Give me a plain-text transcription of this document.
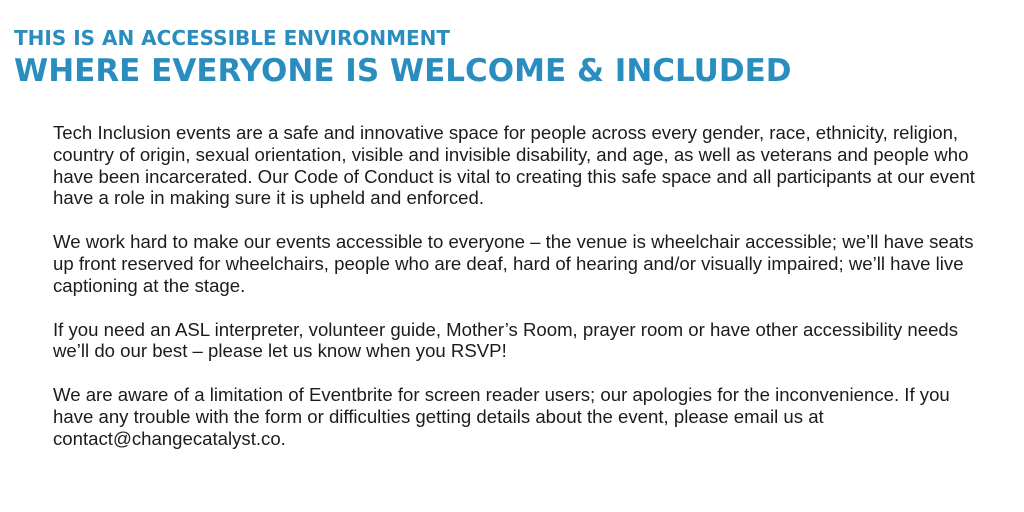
THIS IS AN ACCESSIBLE ENVIRONMENT
WHERE EVERYONE IS WELCOME & INCLUDED

Tech Inclusion events are a safe and innovative space for people across every gender, race, ethnicity, religion, country of origin, sexual orientation, visible and invisible disability, and age, as well as veterans and people who have been incarcerated. Our Code of Conduct is vital to creating this safe space and all participants at our event have a role in making sure it is upheld and enforced.

We work hard to make our events accessible to everyone – the venue is wheelchair accessible; we’ll have seats up front reserved for wheelchairs, people who are deaf, hard of hearing and/or visually impaired; we’ll have live captioning at the stage.

If you need an ASL interpreter, volunteer guide, Mother’s Room, prayer room or have other accessibility needs we’ll do our best – please let us know when you RSVP!

We are aware of a limitation of Eventbrite for screen reader users; our apologies for the inconvenience. If you have any trouble with the form or difficulties getting details about the event, please email us at contact@changecatalyst.co.
